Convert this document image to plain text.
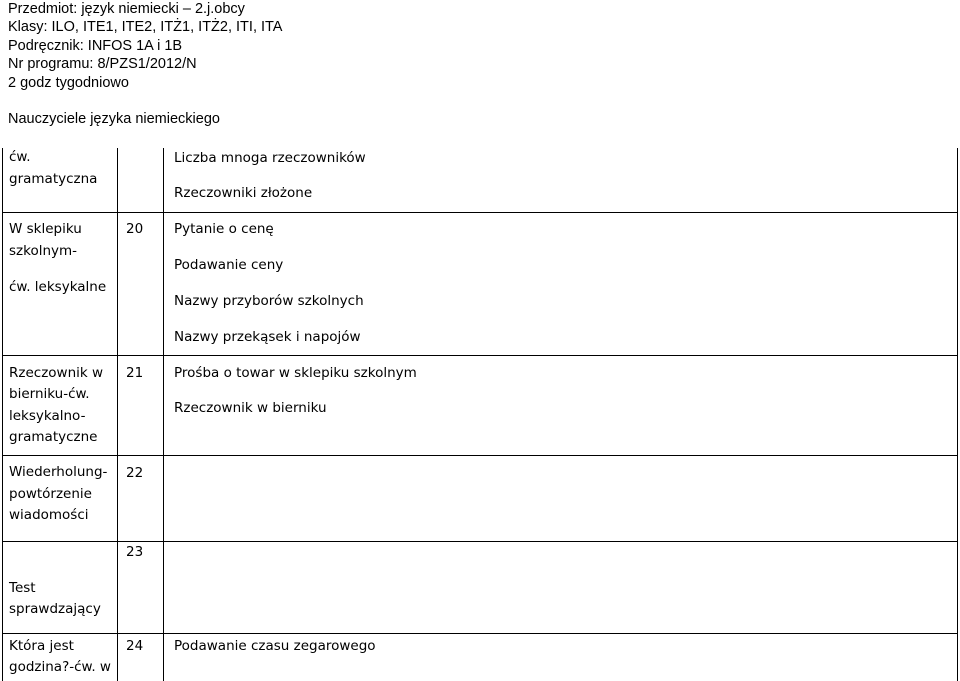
Przedmiot: język niemiecki – 2.j.obcy
Klasy: ILO, ITE1, ITE2, ITŻ1, ITŻ2, ITI, ITA
Podręcznik: INFOS 1A i 1B
Nr programu: 8/PZS1/2012/N
2 godz tygodniowo
Nauczyciele języka niemieckiego
ćw.
gramatyczna
Liczba mnoga rzeczowników
Rzeczowniki złożone
W sklepiku
szkolnym-
ćw. leksykalne
20 Pytanie o cenę
Podawanie ceny
Nazwy przyborów szkolnych
Nazwy przekąsek i napojów
Rzeczownik w
bierniku-ćw.
leksykalno-
gramatyczne
21 Prośba o towar w sklepiku szkolnym
Rzeczownik w bierniku
Wiederholung-
powtórzenie
wiadomości
22
Test
sprawdzający
23
Która jest
godzina?-ćw. w
24 Podawanie czasu zegarowego
